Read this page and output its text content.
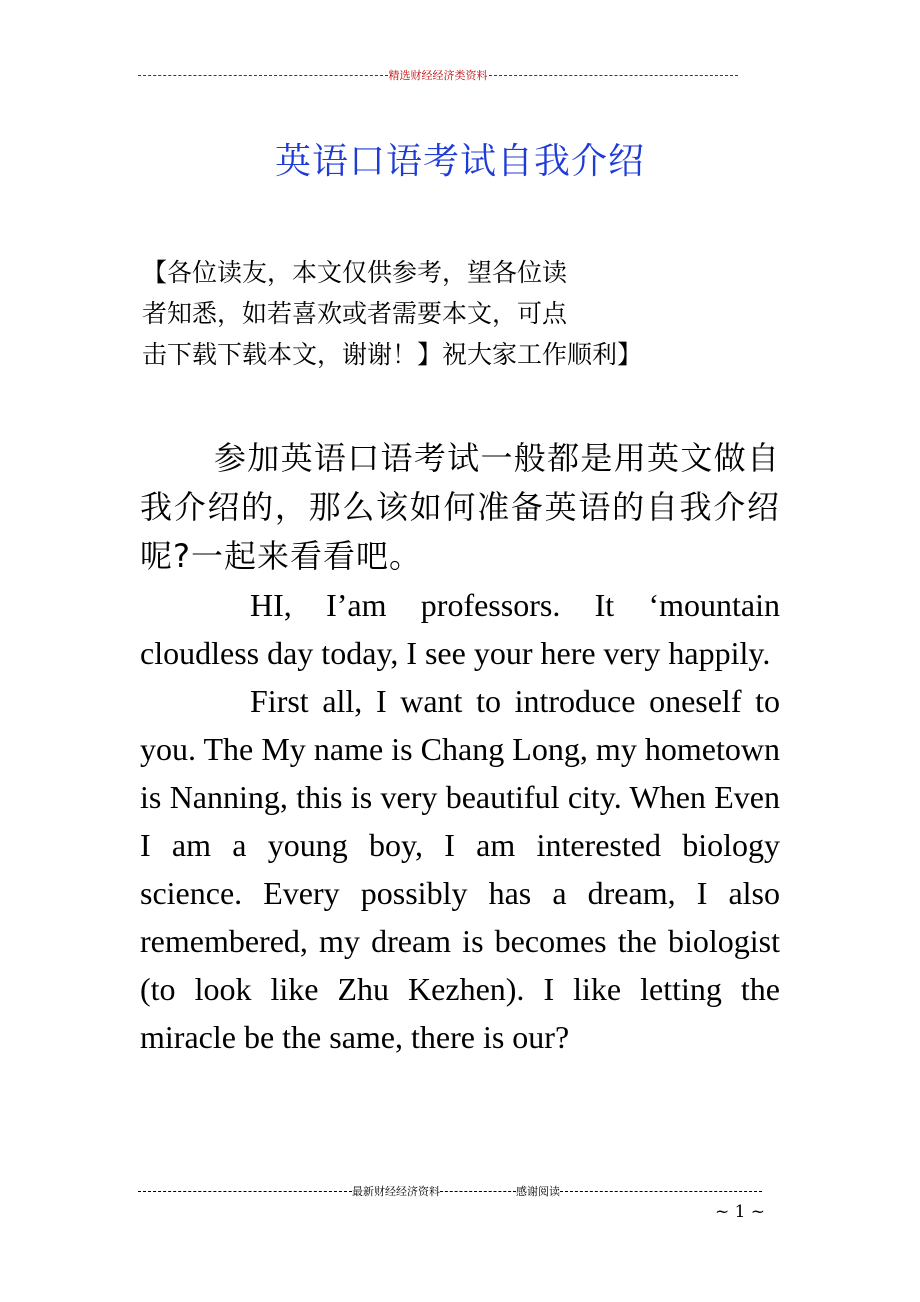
精选财经经济类资料
英语口语考试自我介绍
【各位读友，本文仅供参考，望各位读
者知悉，如若喜欢或者需要本文，可点
击下载下载本文，谢谢！】祝大家工作顺利】

参加英语口语考试一般都是用英文做自我介绍的，那么该如何准备英语的自我介绍呢?一起来看看吧。

HI, I’am professors. It ‘mountain cloudless day today, I see your here very happily.

First all, I want to introduce oneself to you. The My name is Chang Long, my hometown is Nanning, this is very beautiful city. When Even I am a young boy, I am interested biology science. Every possibly has a dream, I also remembered, my dream is becomes the biologist (to look like Zhu Kezhen). I like letting the miracle be the same, there is our?

最新财经经济资料	感谢阅读
~ 1 ~
